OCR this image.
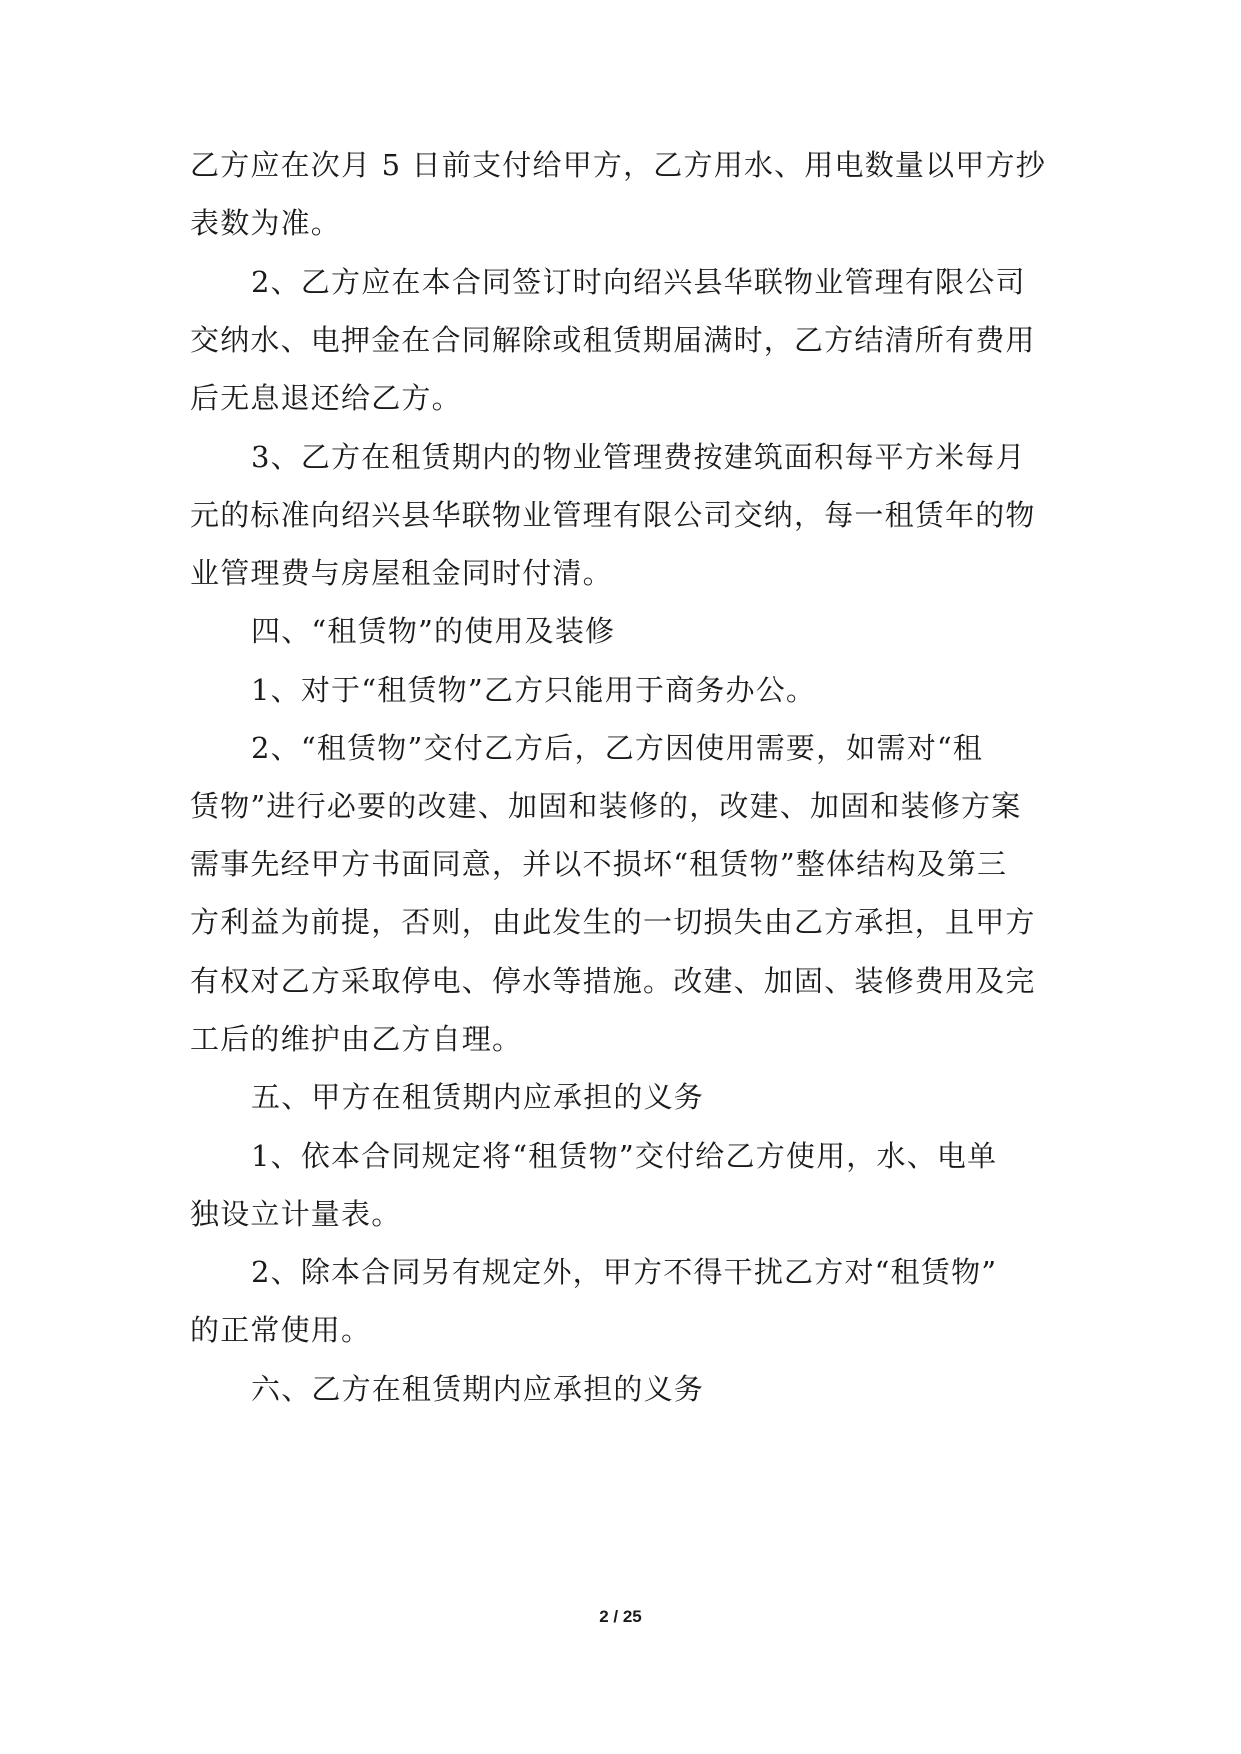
乙方应在次月 5 日前支付给甲方，乙方用水、用电数量以甲方抄
表数为准。
2、乙方应在本合同签订时向绍兴县华联物业管理有限公司
交纳水、电押金在合同解除或租赁期届满时，乙方结清所有费用
后无息退还给乙方。
3、乙方在租赁期内的物业管理费按建筑面积每平方米每月
元的标准向绍兴县华联物业管理有限公司交纳，每一租赁年的物
业管理费与房屋租金同时付清。
四、“租赁物”的使用及装修
1、对于“租赁物”乙方只能用于商务办公。
2、“租赁物”交付乙方后，乙方因使用需要，如需对“租
赁物”进行必要的改建、加固和装修的，改建、加固和装修方案
需事先经甲方书面同意，并以不损坏“租赁物”整体结构及第三
方利益为前提，否则，由此发生的一切损失由乙方承担，且甲方
有权对乙方采取停电、停水等措施。改建、加固、装修费用及完
工后的维护由乙方自理。
五、甲方在租赁期内应承担的义务
1、依本合同规定将“租赁物”交付给乙方使用，水、电单
独设立计量表。
2、除本合同另有规定外，甲方不得干扰乙方对“租赁物”
的正常使用。
六、乙方在租赁期内应承担的义务
2 / 25
